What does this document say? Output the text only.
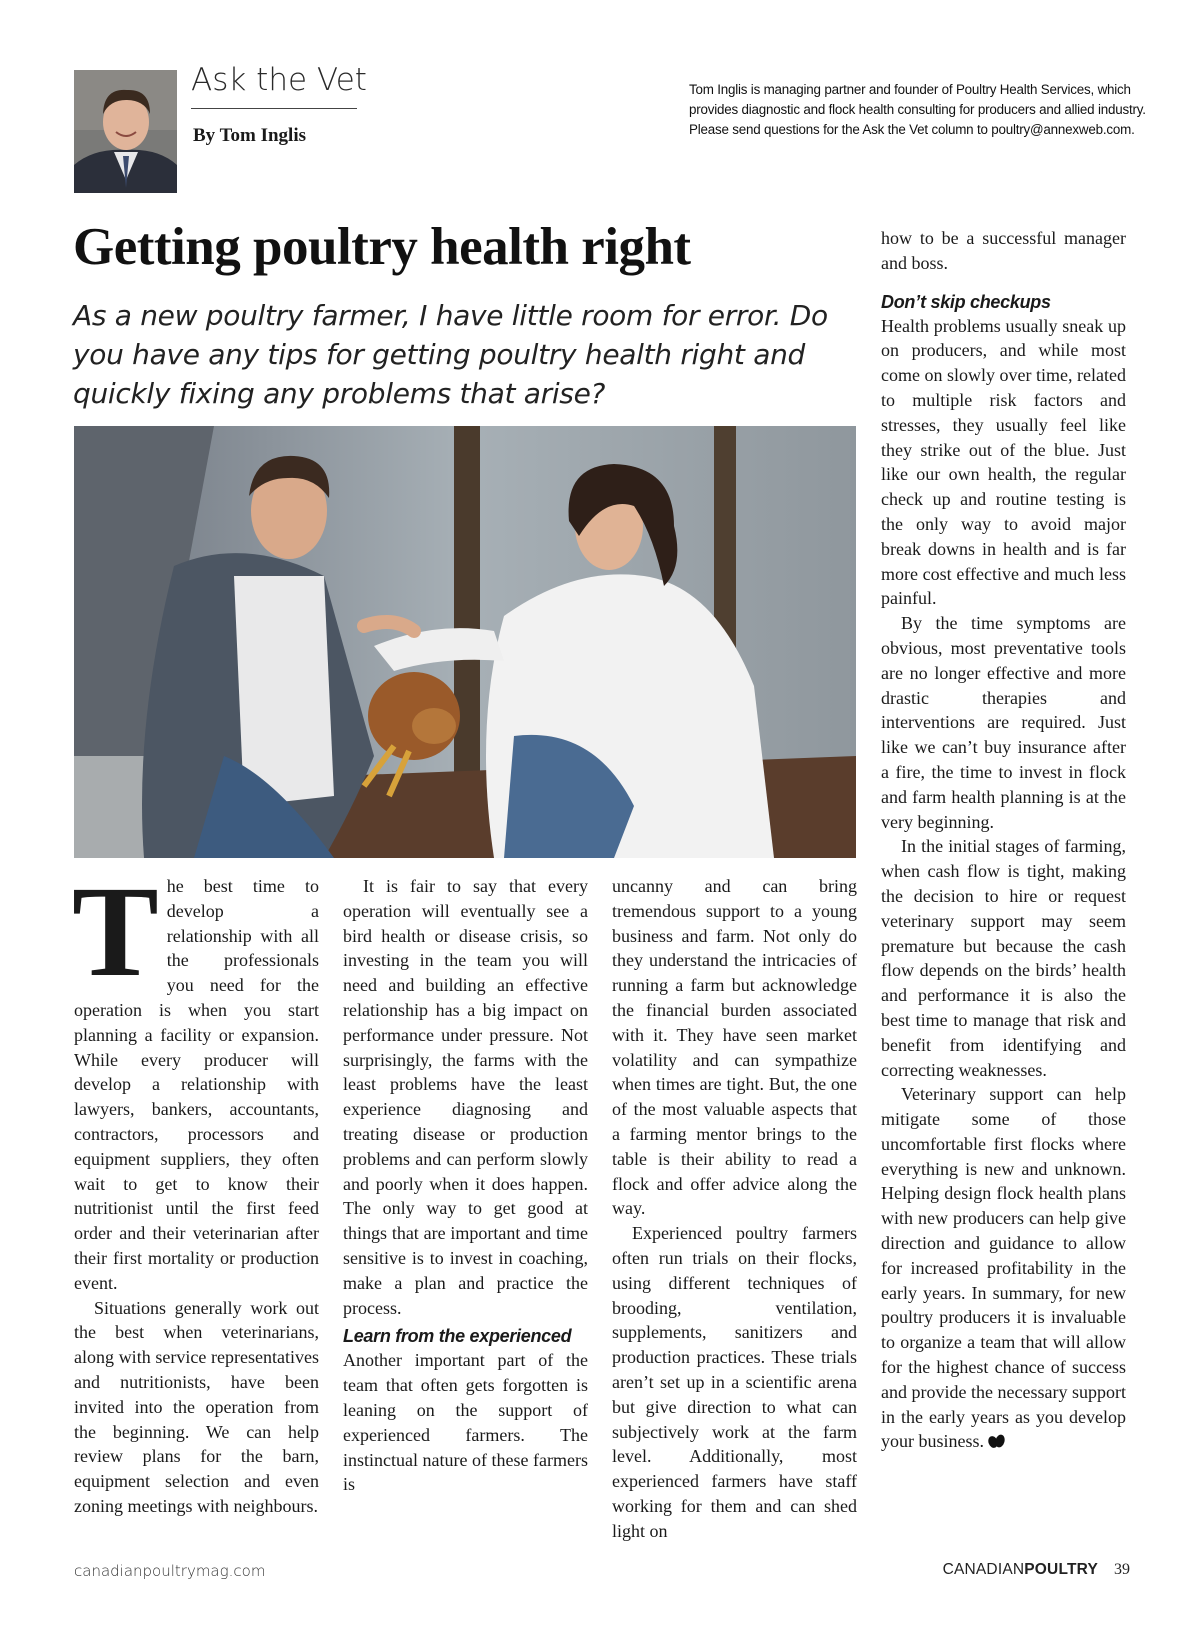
Ask the Vet

By Tom Inglis

Tom Inglis is managing partner and founder of Poultry Health Services, which provides diagnostic and flock health consulting for producers and allied industry. Please send questions for the Ask the Vet column to poultry@annexweb.com.

Getting poultry health right

As a new poultry farmer, I have little room for error. Do you have any tips for getting poultry health right and quickly fixing any problems that arise?

T he best time to develop a relationship with all the professionals you need for the operation is when you start planning a facility or expansion. While every producer will develop a relationship with lawyers, bankers, accountants, contractors, processors and equipment suppliers, they often wait to get to know their nutritionist until the first feed order and their veterinarian after their first mortality or production event.

Situations generally work out the best when veterinarians, along with service representatives and nutritionists, have been invited into the operation from the beginning. We can help review plans for the barn, equipment selection and even zoning meetings with neighbours.

It is fair to say that every operation will eventually see a bird health or disease crisis, so investing in the team you will need and building an effective relationship has a big impact on performance under pressure. Not surprisingly, the farms with the least problems have the least experience diagnosing and treating disease or production problems and can perform slowly and poorly when it does happen. The only way to get good at things that are important and time sensitive is to invest in coaching, make a plan and practice the process.

Learn from the experienced

Another important part of the team that often gets forgotten is leaning on the support of experienced farmers. The instinctual nature of these farmers is

uncanny and can bring tremendous support to a young business and farm. Not only do they understand the intricacies of running a farm but acknowledge the financial burden associated with it. They have seen market volatility and can sympathize when times are tight. But, the one of the most valuable aspects that a farming mentor brings to the table is their ability to read a flock and offer advice along the way.

Experienced poultry farmers often run trials on their flocks, using different techniques of brooding, ventilation, supplements, sanitizers and production practices. These trials aren’t set up in a scientific arena but give direction to what can subjectively work at the farm level. Additionally, most experienced farmers have staff working for them and can shed light on

how to be a successful manager and boss.

Don’t skip checkups

Health problems usually sneak up on producers, and while most come on slowly over time, related to multiple risk factors and stresses, they usually feel like they strike out of the blue. Just like our own health, the regular check up and routine testing is the only way to avoid major break downs in health and is far more cost effective and much less painful.

By the time symptoms are obvious, most preventative tools are no longer effective and more drastic therapies and interventions are required. Just like we can’t buy insurance after a fire, the time to invest in flock and farm health planning is at the very beginning.

In the initial stages of farming, when cash flow is tight, making the decision to hire or request veterinary support may seem premature but because the cash flow depends on the birds’ health and performance it is also the best time to manage that risk and benefit from identifying and correcting weaknesses.

Veterinary support can help mitigate some of those uncomfortable first flocks where everything is new and unknown. Helping design flock health plans with new producers can help give direction and guidance to allow for increased profitability in the early years. In summary, for new poultry producers it is invaluable to organize a team that will allow for the highest chance of success and provide the necessary support in the early years as you develop your business.

canadianpoultrymag.com	CANADIANPOULTRY 39
